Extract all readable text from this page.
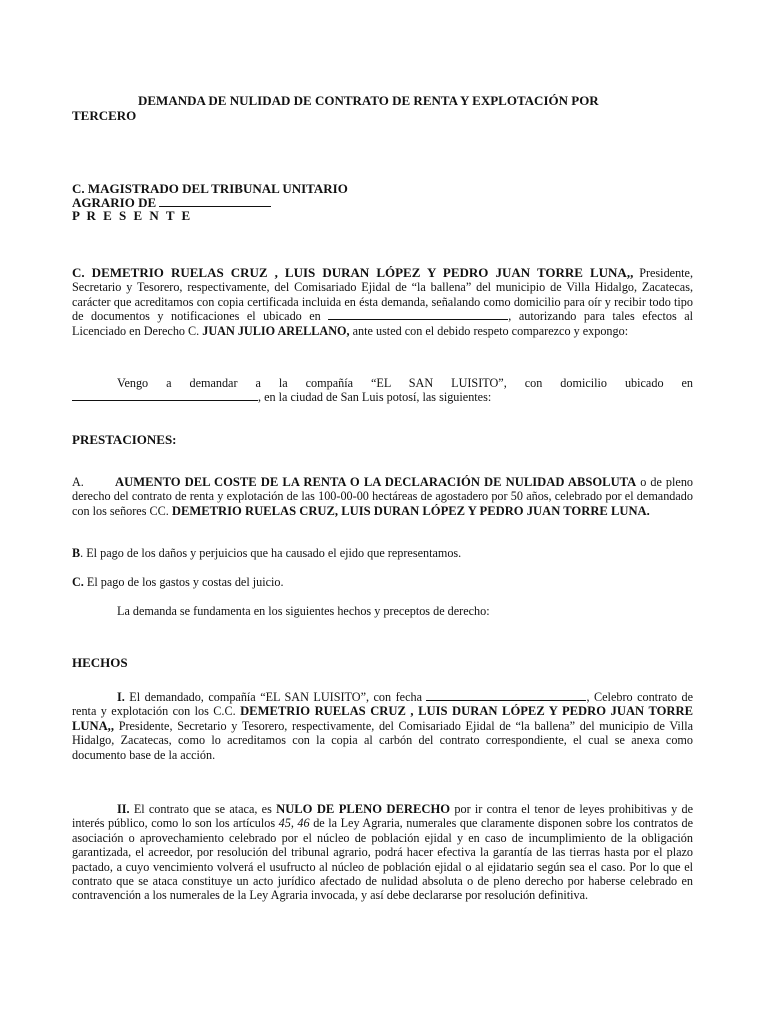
DEMANDA DE NULIDAD DE CONTRATO DE RENTA Y EXPLOTACIÓN POR
TERCERO
C. MAGISTRADO DEL TRIBUNAL UNITARIO
AGRARIO DE
P R E S E N T E
C. DEMETRIO RUELAS CRUZ , LUIS DURAN LÓPEZ Y PEDRO JUAN TORRE LUNA,, Presidente, Secretario y Tesorero, respectivamente, del Comisariado Ejidal de “la ballena” del municipio de Villa Hidalgo, Zacatecas, carácter que acreditamos con copia certificada incluida en ésta demanda, señalando como domicilio para oír y recibir todo tipo de documentos y notificaciones el ubicado en	, autorizando para tales efectos al Licenciado en Derecho C. JUAN JULIO ARELLANO, ante usted con el debido respeto comparezco y expongo:
Vengo a demandar a la compañía “EL SAN LUISITO”, con domicilio ubicado en , en la ciudad de San Luis potosí, las siguientes:
PRESTACIONES:
A. AUMENTO DEL COSTE DE LA RENTA O LA DECLARACIÓN DE NULIDAD ABSOLUTA o de pleno derecho del contrato de renta y explotación de las 100-00-00 hectáreas de agostadero por 50 años, celebrado por el demandado con los señores CC. DEMETRIO RUELAS CRUZ, LUIS DURAN LÓPEZ Y PEDRO JUAN TORRE LUNA.
B. El pago de los daños y perjuicios que ha causado el ejido que representamos.
C. El pago de los gastos y costas del juicio.
La demanda se fundamenta en los siguientes hechos y preceptos de derecho:
HECHOS
I. El demandado, compañía “EL SAN LUISITO”, con fecha	, Celebro contrato de renta y explotación con los C.C. DEMETRIO RUELAS CRUZ , LUIS DURAN LÓPEZ Y PEDRO JUAN TORRE LUNA,, Presidente, Secretario y Tesorero, respectivamente, del Comisariado Ejidal de “la ballena” del municipio de Villa Hidalgo, Zacatecas, como lo acreditamos con la copia al carbón del contrato correspondiente, el cual se anexa como documento base de la acción.
II. El contrato que se ataca, es NULO DE PLENO DERECHO por ir contra el tenor de leyes prohibitivas y de interés público, como lo son los artículos 45, 46 de la Ley Agraria, numerales que claramente disponen sobre los contratos de asociación o aprovechamiento celebrado por el núcleo de población ejidal y en caso de incumplimiento de la obligación garantizada, el acreedor, por resolución del tribunal agrario, podrá hacer efectiva la garantía de las tierras hasta por el plazo pactado, a cuyo vencimiento volverá el usufructo al núcleo de población ejidal o al ejidatario según sea el caso. Por lo que el contrato que se ataca constituye un acto jurídico afectado de nulidad absoluta o de pleno derecho por haberse celebrado en contravención a los numerales de la Ley Agraria invocada, y así debe declararse por resolución definitiva.
